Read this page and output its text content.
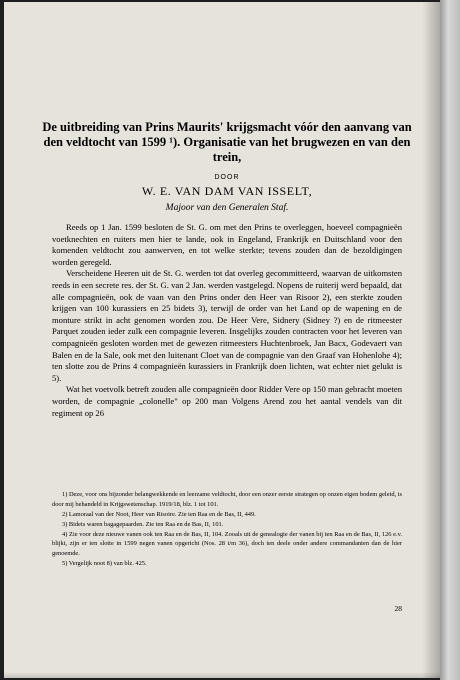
De uitbreiding van Prins Maurits' krijgsmacht vóór den aanvang van den veldtocht van 1599 ¹). Organisatie van het brugwezen en van den trein,
DOOR
W. E. VAN DAM VAN ISSELT,
Majoor van den Generalen Staf.

Reeds op 1 Jan. 1599 besloten de St. G. om met den Prins te overleggen, hoeveel compagnieën voetknechten en ruiters men hier te lande, ook in Engeland, Frankrijk en Duitschland voor den komenden veldtocht zou aanwerven, en tot welke sterkte; tevens zouden dan de bezoldigingen worden geregeld.

Verscheidene Heeren uit de St. G. werden tot dat overleg gecommitteerd, waarvan de uitkomsten reeds in een secrete res. der St. G. van 2 Jan. werden vastgelegd. Nopens de ruiterij werd bepaald, dat alle compagnieën, ook de vaan van den Prins onder den Heer van Risoor 2), een sterkte zouden krijgen van 100 kurassiers en 25 bidets 3), terwijl de order van het Land op de wapening en de monture strikt in acht genomen worden zou. De Heer Vere, Sidnery (Sidney ?) en de ritmeester Parquet zouden ieder zulk een compagnie leveren. Insgelijks zouden contracten voor het leveren van compagnieën gesloten worden met de gewezen ritmeesters Huchtenbroek, Jan Bacx, Godevaert van Balen en de la Sale, ook met den luitenant Cloet van de compagnie van den Graaf van Hohenlohe 4); ten slotte zou de Prins 4 compagnieën kurassiers in Frankrijk doen lichten, wat echter niet gelukt is 5).

Wat het voetvolk betreft zouden alle compagnieën door Ridder Vere op 150 man gebracht moeten worden, de compagnie „colonelle" op 200 man Volgens Arend zou het aantal vendels van dit regiment op 26

1) Deze, voor ons bijzonder belangwekkende en leerzame veldtocht, door een onzer eerste strategen op onzen eigen bodem geleid, is door mij behandeld in Krijgswetenschap. 1919/18, blz. 1 tot 101.

2) Lamoraal van der Noot, Heer van Risoire. Zie ten Raa en de Bas, II, 449.

3) Bidets waren bagagepaarden. Zie ten Raa en de Bas, II, 101.

4) Zie voor deze nieuwe vanen ook ten Raa en de Bas, II, 104. Zooals uit de genealogie der vanen bij ten Raa en de Bas, II, 126 e.v. blijkt, zijn er ten slotte in 1599 negen vanen opgericht (Nos. 28 t/m 36), doch ten deele onder andere commandanten dan de hier genoemde.

5) Vergelijk noot 8) van blz. 425.

28
